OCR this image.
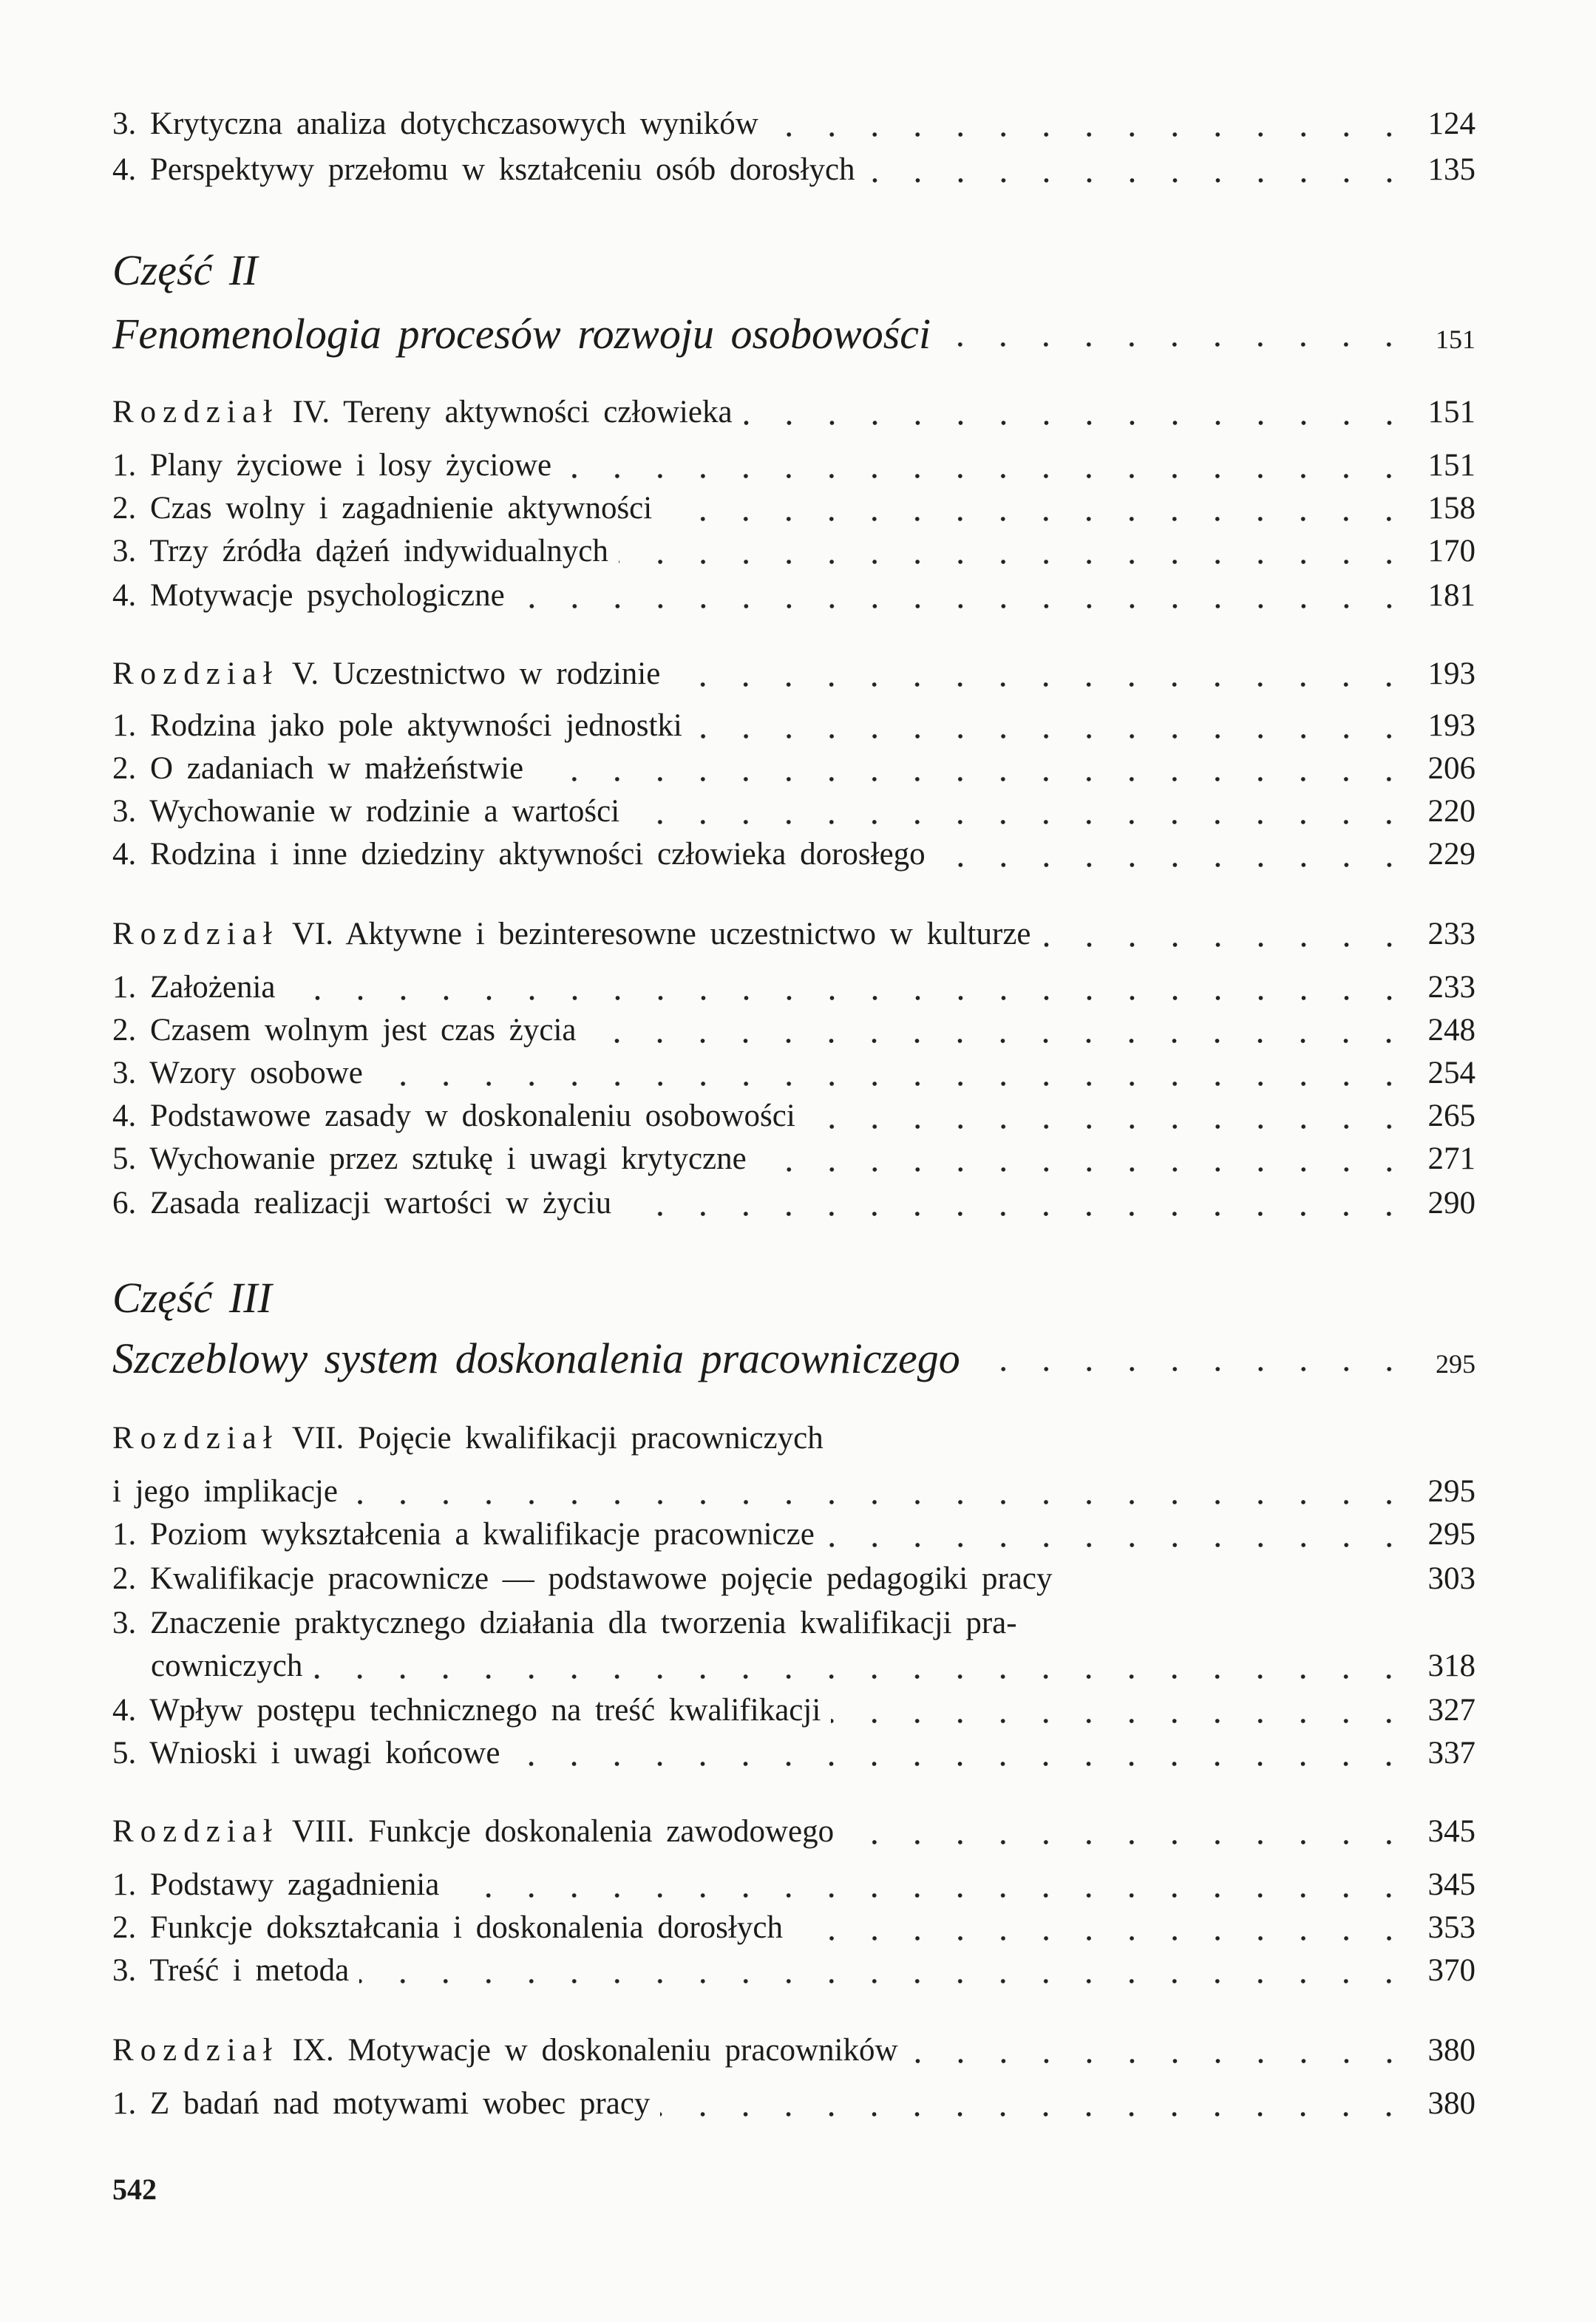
3. Krytyczna analiza dotychczasowych wyników	124
4. Perspektywy przełomu w kształceniu osób dorosłych	135
Część II
Fenomenologia procesów rozwoju osobowości	151
Rozdział IV. Tereny aktywności człowieka	151
1. Plany życiowe i losy życiowe	151
2. Czas wolny i zagadnienie aktywności	158
3. Trzy źródła dążeń indywidualnych	170
4. Motywacje psychologiczne	181
Rozdział V. Uczestnictwo w rodzinie	193
1. Rodzina jako pole aktywności jednostki	193
2. O zadaniach w małżeństwie	206
3. Wychowanie w rodzinie a wartości	220
4. Rodzina i inne dziedziny aktywności człowieka dorosłego	229
Rozdział VI. Aktywne i bezinteresowne uczestnictwo w kulturze	233
1. Założenia	233
2. Czasem wolnym jest czas życia	248
3. Wzory osobowe	254
4. Podstawowe zasady w doskonaleniu osobowości	265
5. Wychowanie przez sztukę i uwagi krytyczne	271
6. Zasada realizacji wartości w życiu	290
Część III
Szczeblowy system doskonalenia pracowniczego	295
Rozdział VII. Pojęcie kwalifikacji pracowniczych
i jego implikacje	295
1. Poziom wykształcenia a kwalifikacje pracownicze	295
2. Kwalifikacje pracownicze — podstawowe pojęcie pedagogiki pracy	303
3. Znaczenie praktycznego działania dla tworzenia kwalifikacji pra-
cowniczych	318
4. Wpływ postępu technicznego na treść kwalifikacji	327
5. Wnioski i uwagi końcowe	337
Rozdział VIII. Funkcje doskonalenia zawodowego	345
1. Podstawy zagadnienia	345
2. Funkcje dokształcania i doskonalenia dorosłych	353
3. Treść i metoda	370
Rozdział IX. Motywacje w doskonaleniu pracowników	380
1. Z badań nad motywami wobec pracy	380
542
